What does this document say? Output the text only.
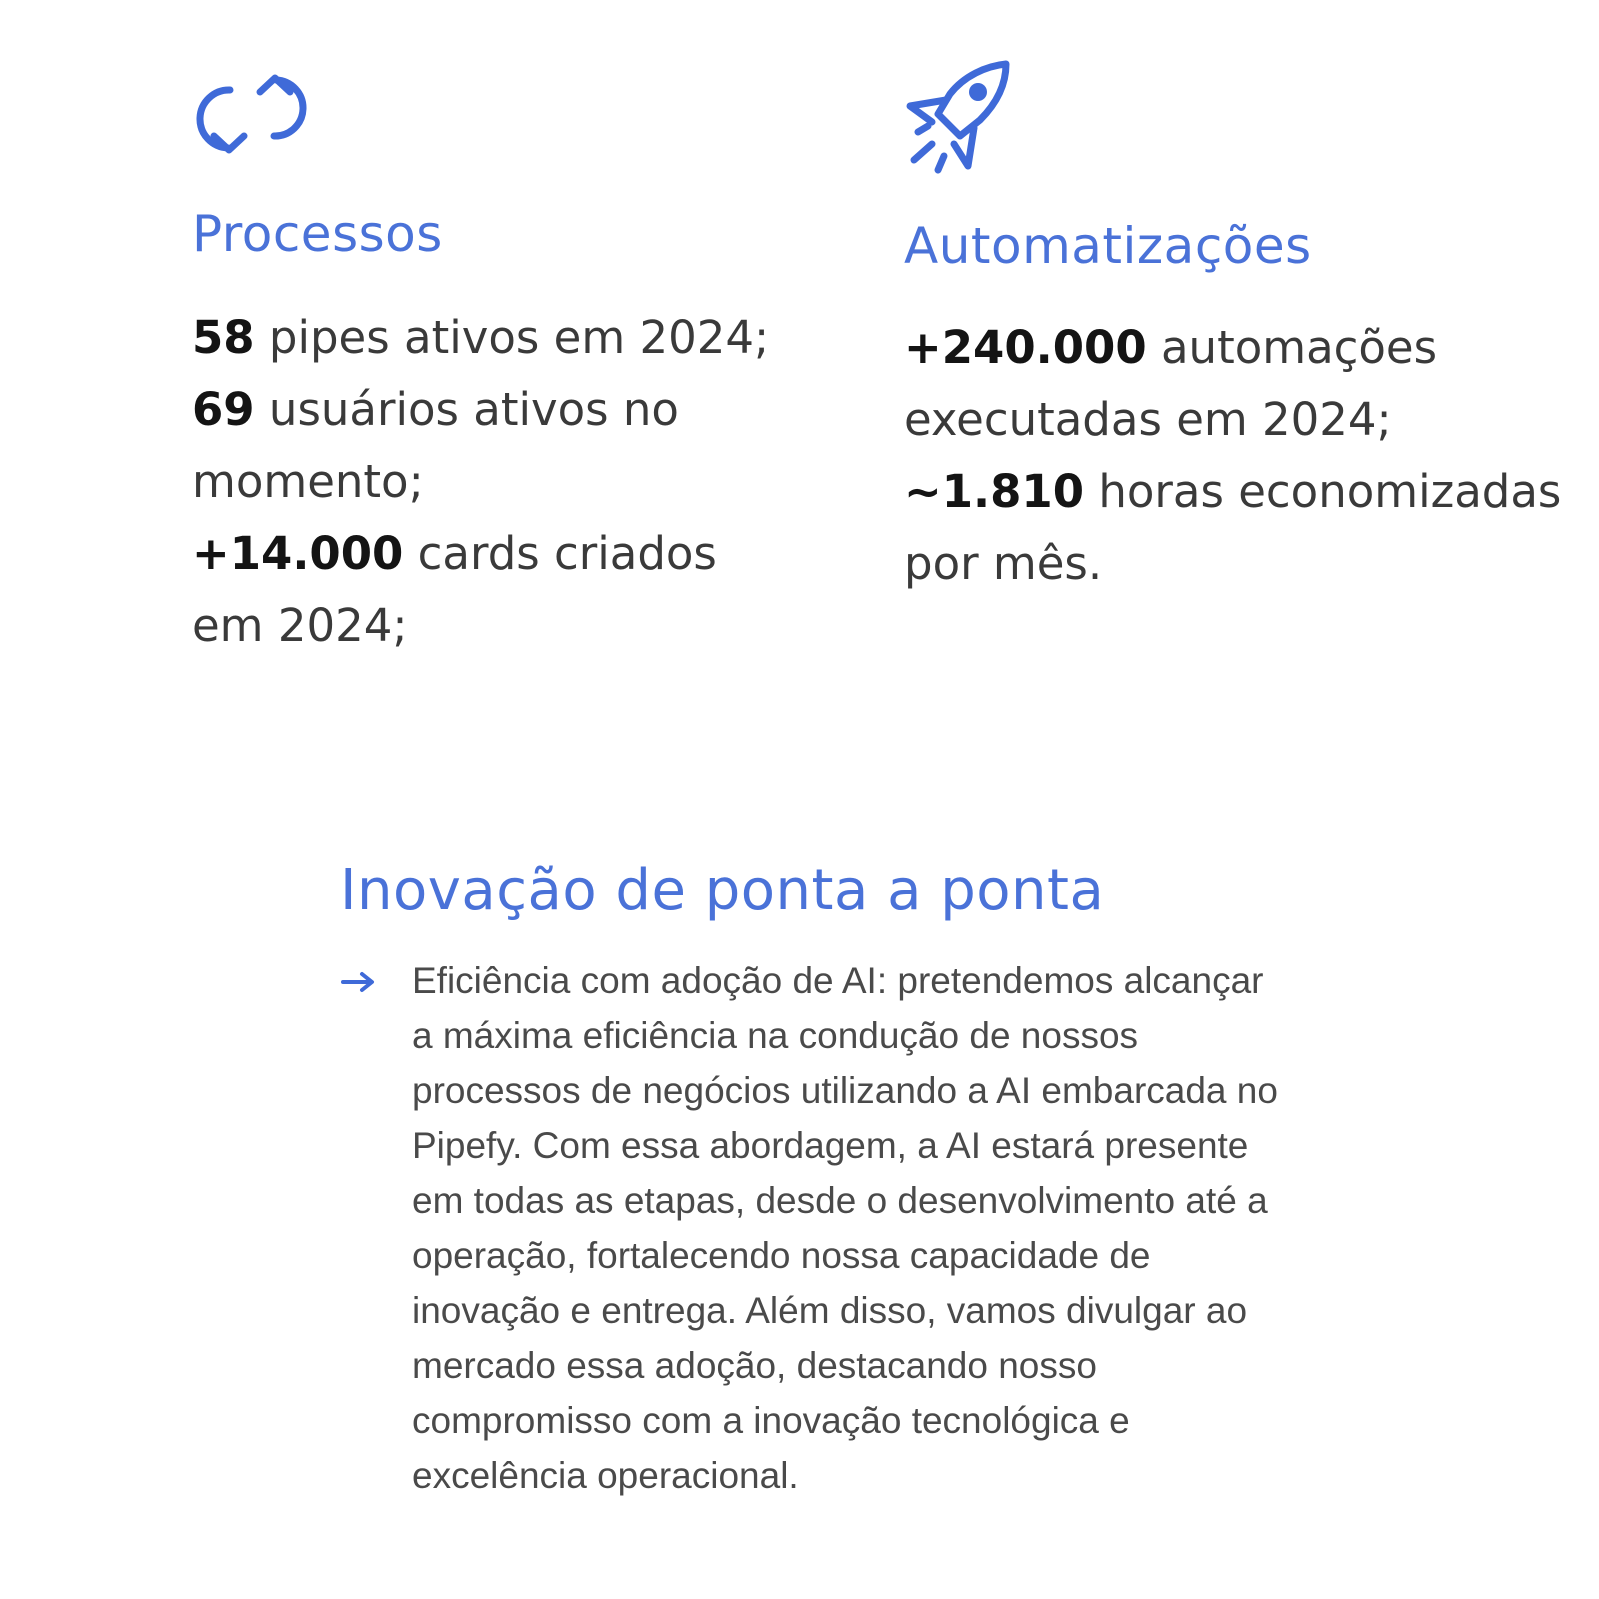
Processos
58 pipes ativos em 2024;
69 usuários ativos no momento;
+14.000 cards criados em 2024;
Automatizações
+240.000 automações executadas em 2024;
~1.810 horas economizadas por mês.
Inovação de ponta a ponta

Eficiência com adoção de AI: pretendemos alcançar a máxima eficiência na condução de nossos processos de negócios utilizando a AI embarcada no Pipefy. Com essa abordagem, a AI estará presente em todas as etapas, desde o desenvolvimento até a operação, fortalecendo nossa capacidade de inovação e entrega. Além disso, vamos divulgar ao mercado essa adoção, destacando nosso compromisso com a inovação tecnológica e excelência operacional.
